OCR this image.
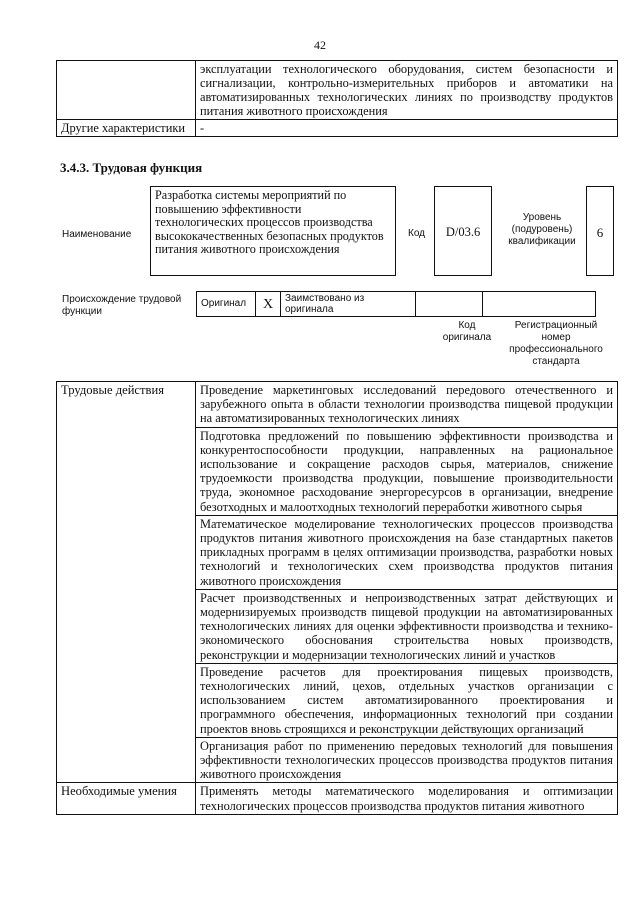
42
	эксплуатации технологического оборудования, систем безопасности и сигнализации, контрольно-измерительных приборов и автоматики на автоматизированных технологических линиях по производству продуктов питания животного происхождения
Другие характеристики	-
3.4.3. Трудовая функция
Наименование
Разработка системы мероприятий по повышению эффективности технологических процессов производства высококачественных безопасных продуктов питания животного происхождения
Код	D/03.6
Уровень (подуровень) квалификации
6
Происхождение трудовой функции
Оригинал	X	Заимствовано из оригинала		
Код оригинала
Регистрационный номер профессионального стандарта
Трудовые действия	Проведение маркетинговых исследований передового отечественного и зарубежного опыта в области технологии производства пищевой продукции на автоматизированных технологических линиях
	Подготовка предложений по повышению эффективности производства и конкурентоспособности продукции, направленных на рациональное использование и сокращение расходов сырья, материалов, снижение трудоемкости производства продукции, повышение производительности труда, экономное расходование энергоресурсов в организации, внедрение безотходных и малоотходных технологий переработки животного сырья
	Математическое моделирование технологических процессов производства продуктов питания животного происхождения на базе стандартных пакетов прикладных программ в целях оптимизации производства, разработки новых технологий и технологических схем производства продуктов питания животного происхождения
	Расчет производственных и непроизводственных затрат действующих и модернизируемых производств пищевой продукции на автоматизированных технологических линиях для оценки эффективности производства и технико-экономического обоснования строительства новых производств, реконструкции и модернизации технологических линий и участков
	Проведение расчетов для проектирования пищевых производств, технологических линий, цехов, отдельных участков организации с использованием систем автоматизированного проектирования и программного обеспечения, информационных технологий при создании проектов вновь строящихся и реконструкции действующих организаций
	Организация работ по применению передовых технологий для повышения эффективности технологических процессов производства продуктов питания животного происхождения
Необходимые умения	Применять методы математического моделирования и оптимизации технологических процессов производства продуктов питания животного
